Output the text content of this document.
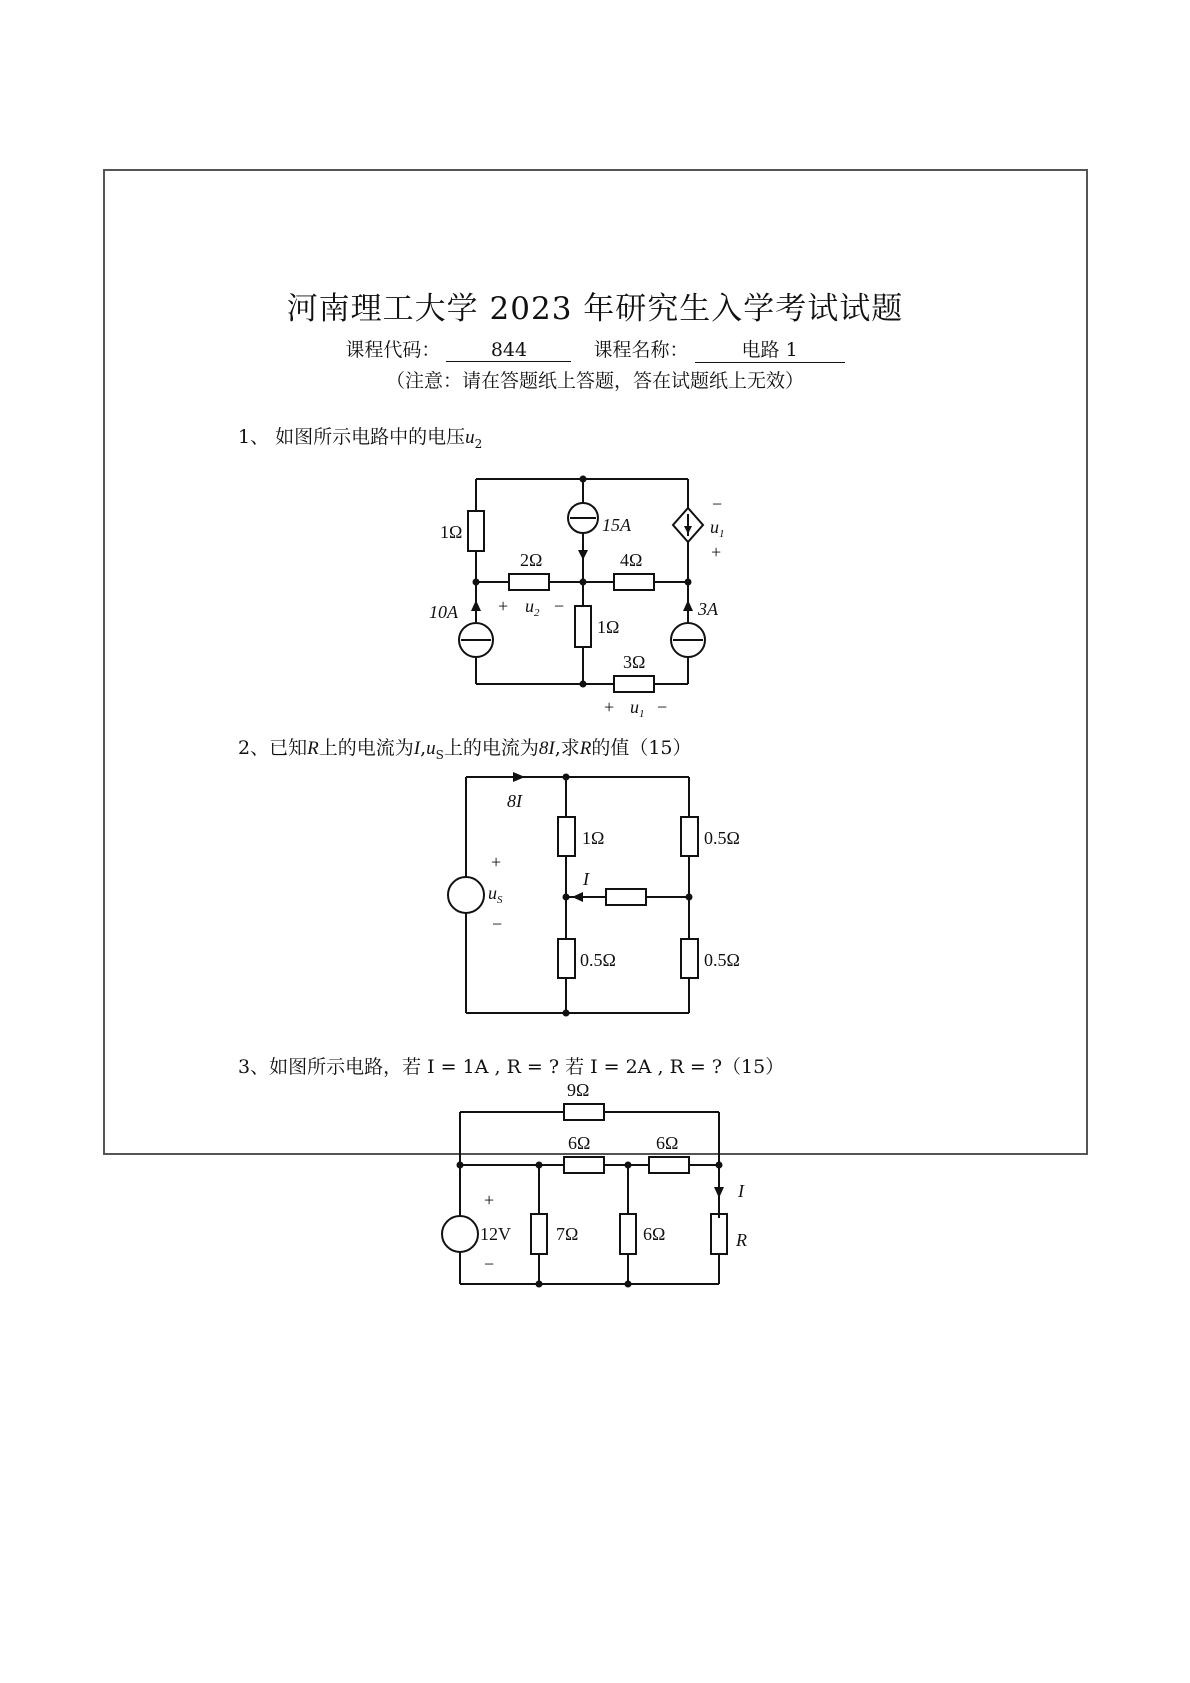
河南理工大学 2023 年研究生入学考试试题
课程代码：	844	课程名称：	电路 1
（注意：请在答题纸上答题，答在试题纸上无效）
1、 如图所示电路中的电压$u_2$
1Ω
2Ω	4Ω
1Ω
3Ω
15A
10A	3A
−
$u_1$
+
+ $u_2$ −
+ $u_1$ −
2、已知R上的电流为$I,u_S$上的电流为8I,求R的值（15）
8I
1Ω	0.5Ω
0.5Ω	0.5Ω
I
+
$u_S$
−
3、如图所示电路，若 I = 1A , R = ? 若 I = 2A , R = ?（15）
9Ω
6Ω	6Ω
7Ω	6Ω	R
I
+
12V
−
